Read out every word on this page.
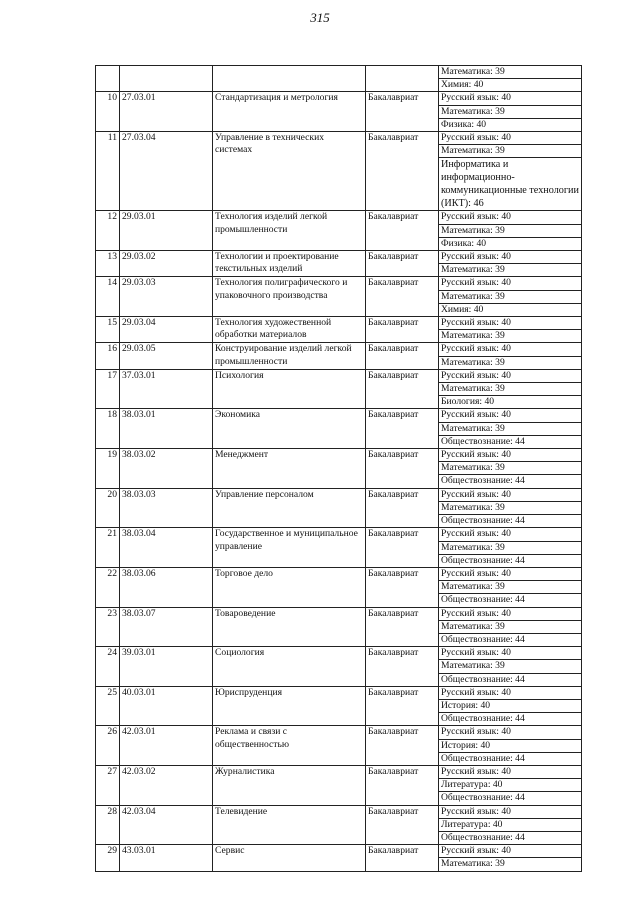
315
				Математика: 39
				Химия: 40
10	27.03.01	Стандартизация и метрология	Бакалавриат	Русский язык: 40
				Математика: 39
				Физика: 40
11	27.03.04	Управление в технических системах	Бакалавриат	Русский язык: 40
				Математика: 39
				Информатика и информационно-коммуникационные технологии (ИКТ): 46
12	29.03.01	Технология изделий легкой промышленности	Бакалавриат	Русский язык: 40
				Математика: 39
				Физика: 40
13	29.03.02	Технологии и проектирование текстильных изделий	Бакалавриат	Русский язык: 40
				Математика: 39
14	29.03.03	Технология полиграфического и упаковочного производства	Бакалавриат	Русский язык: 40
				Математика: 39
				Химия: 40
15	29.03.04	Технология художественной обработки материалов	Бакалавриат	Русский язык: 40
				Математика: 39
16	29.03.05	Конструирование изделий легкой промышленности	Бакалавриат	Русский язык: 40
				Математика: 39
17	37.03.01	Психология	Бакалавриат	Русский язык: 40
				Математика: 39
				Биология: 40
18	38.03.01	Экономика	Бакалавриат	Русский язык: 40
				Математика: 39
				Обществознание: 44
19	38.03.02	Менеджмент	Бакалавриат	Русский язык: 40
				Математика: 39
				Обществознание: 44
20	38.03.03	Управление персоналом	Бакалавриат	Русский язык: 40
				Математика: 39
				Обществознание: 44
21	38.03.04	Государственное и муниципальное управление	Бакалавриат	Русский язык: 40
				Математика: 39
				Обществознание: 44
22	38.03.06	Торговое дело	Бакалавриат	Русский язык: 40
				Математика: 39
				Обществознание: 44
23	38.03.07	Товароведение	Бакалавриат	Русский язык: 40
				Математика: 39
				Обществознание: 44
24	39.03.01	Социология	Бакалавриат	Русский язык: 40
				Математика: 39
				Обществознание: 44
25	40.03.01	Юриспруденция	Бакалавриат	Русский язык: 40
				История: 40
				Обществознание: 44
26	42.03.01	Реклама и связи с общественностью	Бакалавриат	Русский язык: 40
				История: 40
				Обществознание: 44
27	42.03.02	Журналистика	Бакалавриат	Русский язык: 40
				Литература: 40
				Обществознание: 44
28	42.03.04	Телевидение	Бакалавриат	Русский язык: 40
				Литература: 40
				Обществознание: 44
29	43.03.01	Сервис	Бакалавриат	Русский язык: 40
				Математика: 39
